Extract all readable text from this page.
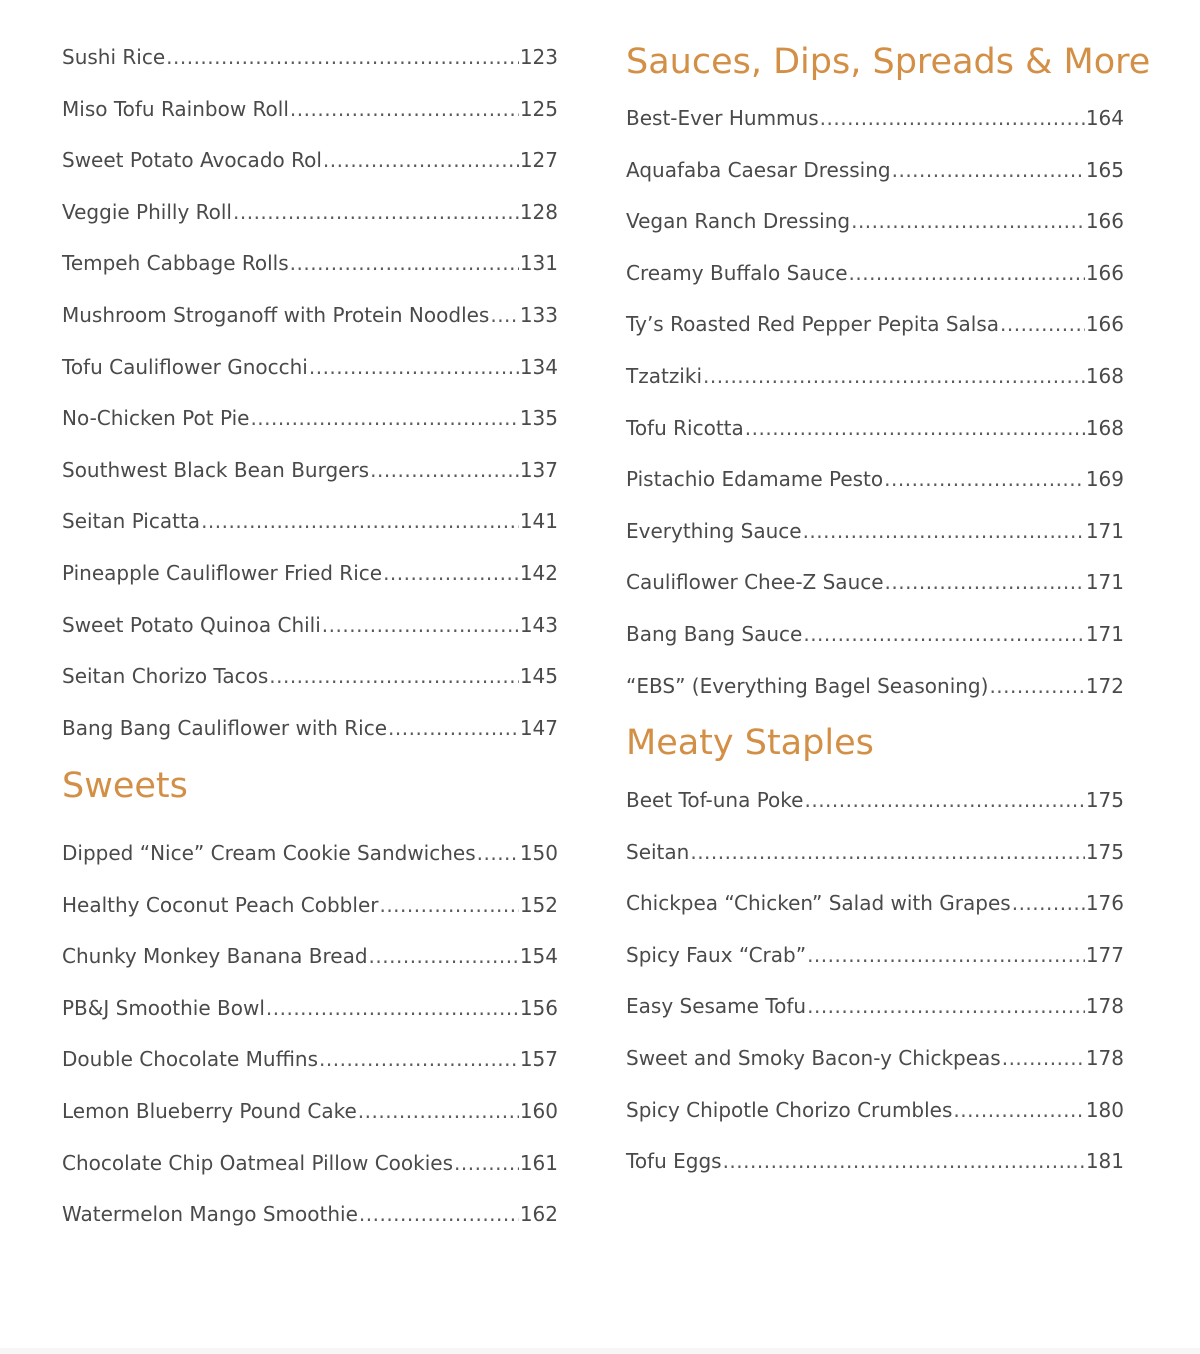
Sushi Rice .....	123
Miso Tofu Rainbow Roll .....	125
Sweet Potato Avocado Rol .....	127
Veggie Philly Roll .....	128
Tempeh Cabbage Rolls .....	131
Mushroom Stroganoff with Protein Noodles ..... 133
Tofu Cauliflower Gnocchi .....	134
No-Chicken Pot Pie .....	135
Southwest Black Bean Burgers .....	137
Seitan Picatta .....	141
Pineapple Cauliflower Fried Rice .....	142
Sweet Potato Quinoa Chili .....	143
Seitan Chorizo Tacos .....	145
Bang Bang Cauliflower with Rice .....	147
Sweets
Dipped “Nice” Cream Cookie Sandwiches ..... 150
Healthy Coconut Peach Cobbler .....	152
Chunky Monkey Banana Bread .....	154
PB&J Smoothie Bowl .....	156
Double Chocolate Muffins .....	157
Lemon Blueberry Pound Cake .....	160
Chocolate Chip Oatmeal Pillow Cookies .....	161
Watermelon Mango Smoothie .....	162
Sauces, Dips, Spreads & More
Best-Ever Hummus .....	164
Aquafaba Caesar Dressing .....	165
Vegan Ranch Dressing .....	166
Creamy Buffalo Sauce .....	166
Ty’s Roasted Red Pepper Pepita Salsa .....	166
Tzatziki .....	168
Tofu Ricotta .....	168
Pistachio Edamame Pesto .....	169
Everything Sauce .....	171
Cauliflower Chee-Z Sauce .....	171
Bang Bang Sauce .....	171
“EBS” (Everything Bagel Seasoning) .....	172
Meaty Staples
Beet Tof-una Poke .....	175
Seitan .....	175
Chickpea “Chicken” Salad with Grapes .....	176
Spicy Faux “Crab” .....	177
Easy Sesame Tofu .....	178
Sweet and Smoky Bacon-y Chickpeas .....	178
Spicy Chipotle Chorizo Crumbles .....	180
Tofu Eggs .....	181
